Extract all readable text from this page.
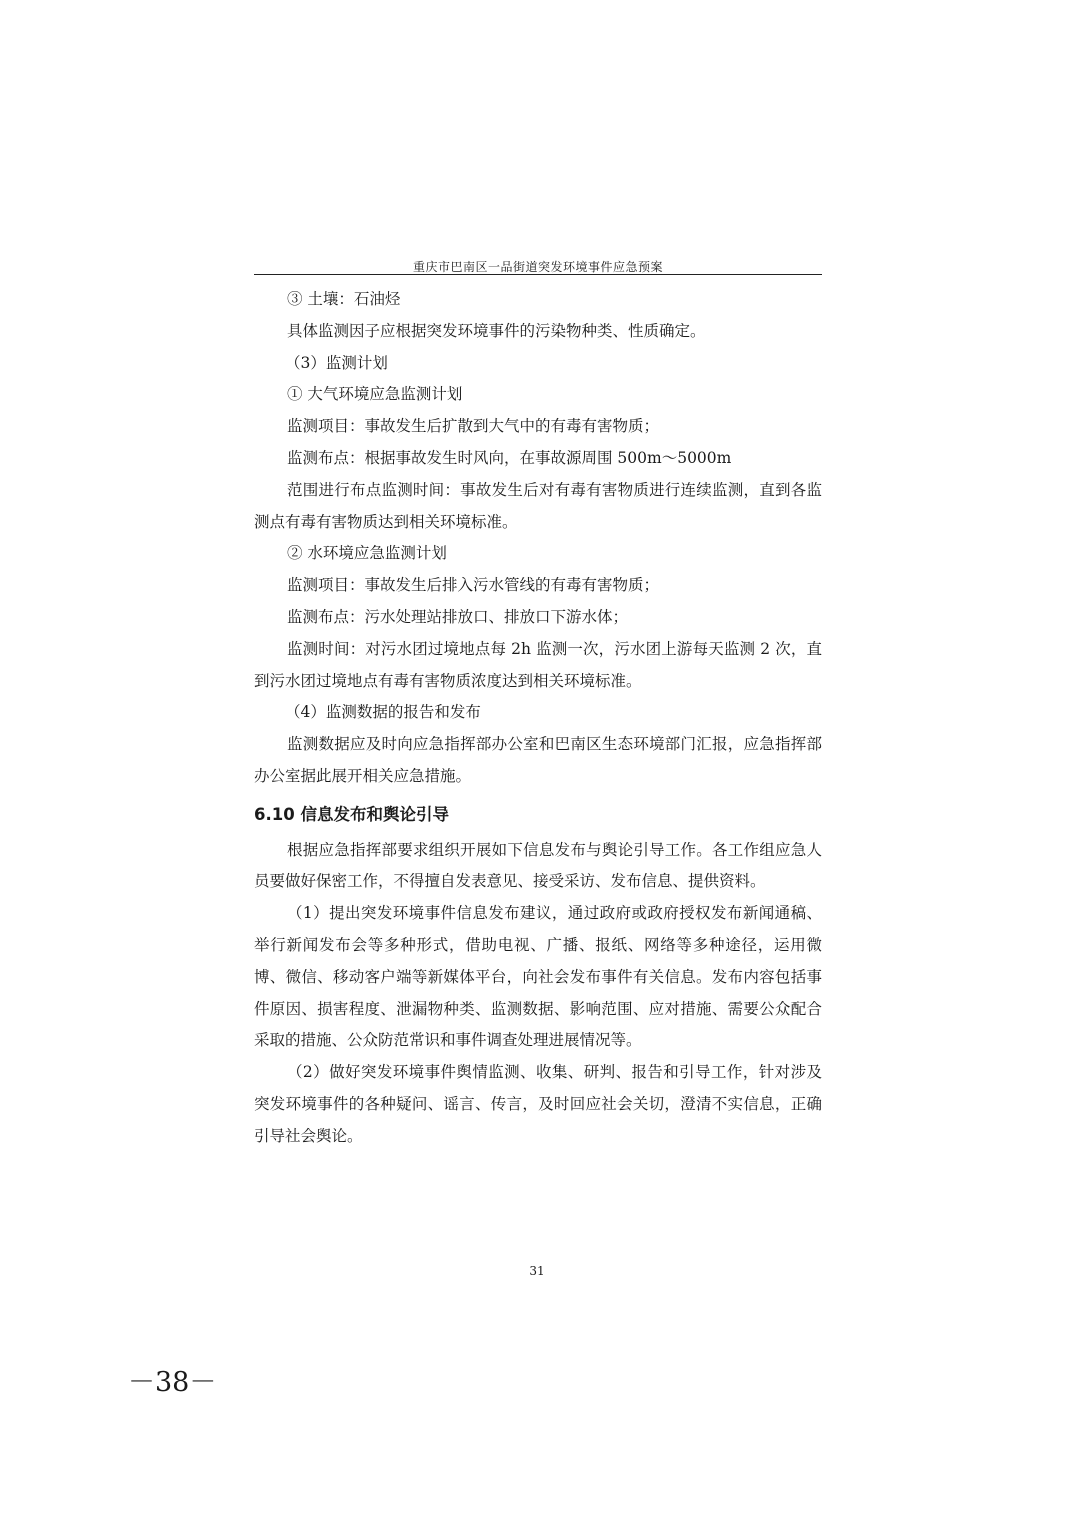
重庆市巴南区一品街道突发环境事件应急预案

③ 土壤：石油烃

具体监测因子应根据突发环境事件的污染物种类、性质确定。

（3）监测计划

① 大气环境应急监测计划

监测项目：事故发生后扩散到大气中的有毒有害物质；

监测布点：根据事故发生时风向，在事故源周围 500m～5000m

范围进行布点监测时间：事故发生后对有毒有害物质进行连续监测，直到各监测点有毒有害物质达到相关环境标准。

② 水环境应急监测计划

监测项目：事故发生后排入污水管线的有毒有害物质；

监测布点：污水处理站排放口、排放口下游水体；

监测时间：对污水团过境地点每 2h 监测一次，污水团上游每天监测 2 次，直到污水团过境地点有毒有害物质浓度达到相关环境标准。

（4）监测数据的报告和发布

监测数据应及时向应急指挥部办公室和巴南区生态环境部门汇报，应急指挥部办公室据此展开相关应急措施。

6.10 信息发布和舆论引导

根据应急指挥部要求组织开展如下信息发布与舆论引导工作。各工作组应急人员要做好保密工作，不得擅自发表意见、接受采访、发布信息、提供资料。

（1）提出突发环境事件信息发布建议，通过政府或政府授权发布新闻通稿、举行新闻发布会等多种形式，借助电视、广播、报纸、网络等多种途径，运用微博、微信、移动客户端等新媒体平台，向社会发布事件有关信息。发布内容包括事件原因、损害程度、泄漏物种类、监测数据、影响范围、应对措施、需要公众配合采取的措施、公众防范常识和事件调查处理进展情况等。

（2）做好突发环境事件舆情监测、收集、研判、报告和引导工作，针对涉及突发环境事件的各种疑问、谣言、传言，及时回应社会关切，澄清不实信息，正确引导社会舆论。

31
－38－
